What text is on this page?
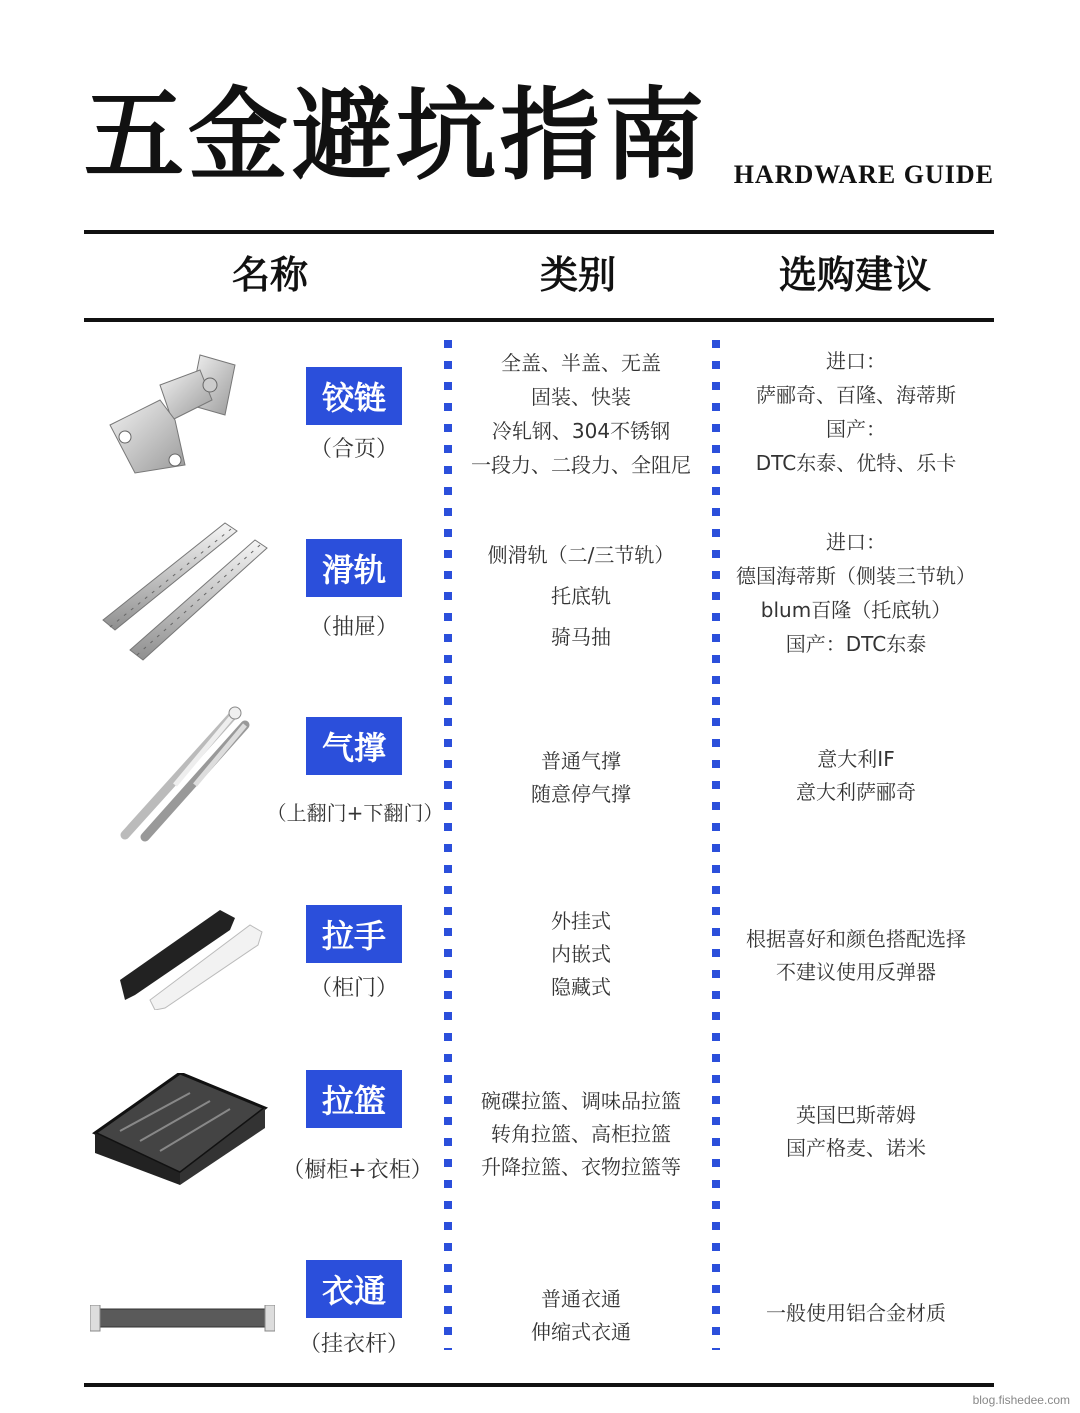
五金避坑指南 HARDWARE GUIDE
名称	类别	选购建议
铰链
（合页）
全盖、半盖、无盖
固装、快装
冷轧钢、304不锈钢
一段力、二段力、全阻尼
进口：
萨郦奇、百隆、海蒂斯
国产：
DTC东泰、优特、乐卡
滑轨
（抽屉）
侧滑轨（二/三节轨）
托底轨
骑马抽
进口：
德国海蒂斯（侧装三节轨）
blum百隆（托底轨）
国产：DTC东泰
气撑
（上翻门+下翻门）
普通气撑
随意停气撑
意大利IF
意大利萨郦奇
拉手
（柜门）
外挂式
内嵌式
隐藏式
根据喜好和颜色搭配选择
不建议使用反弹器
拉篮
（橱柜+衣柜）
碗碟拉篮、调味品拉篮
转角拉篮、高柜拉篮
升降拉篮、衣物拉篮等
英国巴斯蒂姆
国产格麦、诺米
衣通
（挂衣杆）
普通衣通
伸缩式衣通
一般使用铝合金材质
blog.fishedee.com
